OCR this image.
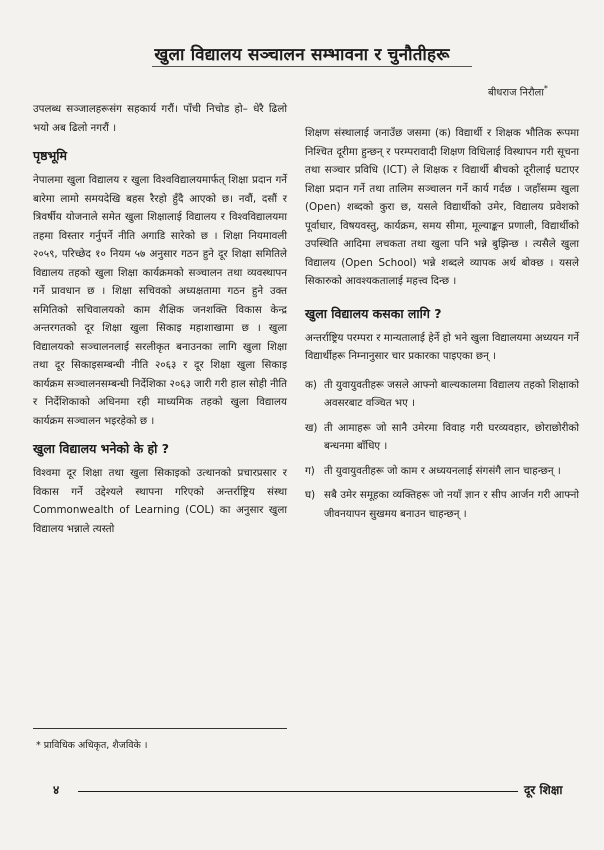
खुला विद्यालय सञ्चालन सम्भावना र चुनौतीहरू
बीधराज निरौला*

उपलब्ध सञ्जालहरूसंग सहकार्य गरौं। पाँची निचोड हो– धेरै ढिलो भयो अब ढिलो नगरौं ।

पृष्ठभूमि

नेपालमा खुला विद्यालय र खुला विश्वविद्यालयमार्फत् शिक्षा प्रदान गर्ने बारेमा लामो समयदेखि बहस रैरहो हुँदै आएको छ। नवौं, दसौं र त्रिवर्षीय योजनाले समेत खुला शिक्षालाई विद्यालय र विश्वविद्यालयमा तहमा विस्तार गर्नुपर्ने नीति अगाडि सारेको छ । शिक्षा नियमावली २०५९, परिच्छेद १० नियम ५७ अनुसार गठन हुने दूर शिक्षा समितिले विद्यालय तहको खुला शिक्षा कार्यक्रमको सञ्चालन तथा व्यवस्थापन गर्ने प्रावधान छ । शिक्षा सचिवको अध्यक्षतामा गठन हुने उक्त समितिको सचिवालयको काम शैक्षिक जनशक्ति विकास केन्द्र अन्तरगतको दूर शिक्षा खुला सिकाइ महाशाखामा छ । खुला विद्यालयको सञ्चालनलाई सरलीकृत बनाउनका लागि खुला शिक्षा तथा दूर सिकाइसम्बन्धी नीति २०६३ र दूर शिक्षा खुला सिकाइ कार्यक्रम सञ्चालनसम्बन्धी निर्देशिका २०६३ जारी गरी हाल सोही नीति र निर्देशिकाको अधिनमा रही माध्यमिक तहको खुला विद्यालय कार्यक्रम सञ्चालन भइरहेको छ ।

खुला विद्यालय भनेको के हो ?

विश्वमा दूर शिक्षा तथा खुला सिकाइको उत्थानको प्रचारप्रसार र विकास गर्ने उद्देश्यले स्थापना गरिएको अन्तर्राष्ट्रिय संस्था Commonwealth of Learning (COL) का अनुसार खुला विद्यालय भन्नाले त्यस्तो

शिक्षण संस्थालाई जनाउँछ जसमा (क) विद्यार्थी र शिक्षक भौतिक रूपमा निश्चित दूरीमा हुन्छन् र परम्परावादी शिक्षण विधिलाई विस्थापन गरी सूचना तथा सञ्चार प्रविधि (ICT) ले शिक्षक र विद्यार्थी बीचको दूरीलाई घटाएर शिक्षा प्रदान गर्ने तथा तालिम सञ्चालन गर्ने कार्य गर्दछ । जहाँसम्म खुला (Open) शब्दको कुरा छ, यसले विद्यार्थीको उमेर, विद्यालय प्रवेशको पूर्वाधार, विषयवस्तु, कार्यक्रम, समय सीमा, मूल्याङ्कन प्रणाली, विद्यार्थीको उपस्थिति आदिमा लचकता तथा खुला पनि भन्ने बुझिन्छ । त्यसैले खुला विद्यालय (Open School) भन्ने शब्दले व्यापक अर्थ बोक्छ । यसले सिकारुको आवश्यकतालाई महत्त्व दिन्छ ।

खुला विद्यालय कसका लागि ?

अन्तर्राष्ट्रिय परम्परा र मान्यतालाई हेर्ने हो भने खुला विद्यालयमा अध्ययन गर्ने विद्यार्थीहरू निम्नानुसार चार प्रकारका पाइएका छन् ।

क) ती युवायुवतीहरू जसले आफ्नो बाल्यकालमा विद्यालय तहको शिक्षाको अवसरबाट वञ्चित भए ।
ख) ती आमाहरू जो सानै उमेरमा विवाह गरी घरव्यवहार, छोराछोरीको बन्धनमा बाँधिए ।
ग) ती युवायुवतीहरू जो काम र अध्ययनलाई संगसंगै लान चाहन्छन् ।
घ) सबै उमेर समूहका व्यक्तिहरू जो नयाँ ज्ञान र सीप आर्जन गरी आफ्नो जीवनयापन सुखमय बनाउन चाहन्छन् ।
* प्राविधिक अधिकृत, शैजविके ।
४	दूर शिक्षा
